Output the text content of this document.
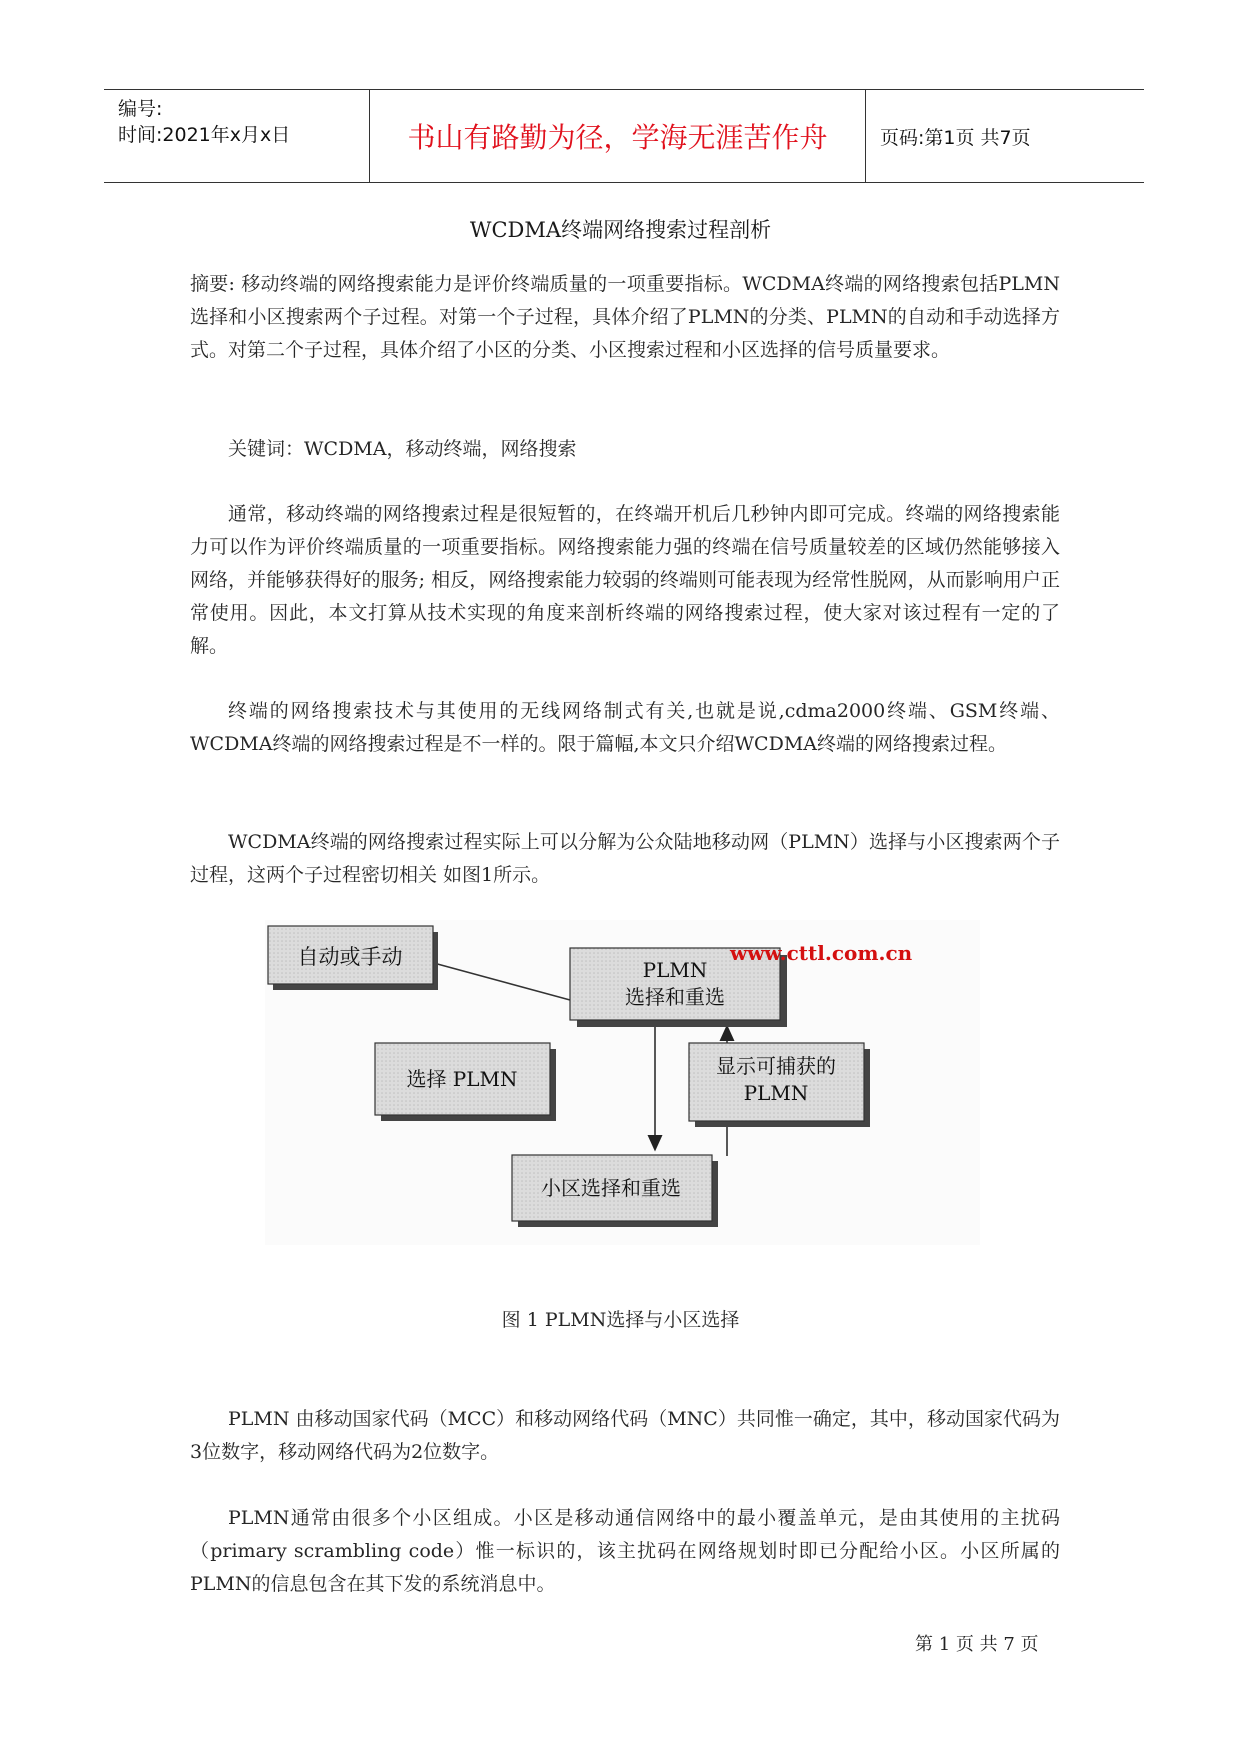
编号:
时间:2021年x月x日	书山有路勤为径，学海无涯苦作舟	页码:第1页 共7页
WCDMA终端网络搜索过程剖析
摘要: 移动终端的网络搜索能力是评价终端质量的一项重要指标。WCDMA终端的网络搜索包括PLMN选择和小区搜索两个子过程。对第一个子过程，具体介绍了PLMN的分类、PLMN的自动和手动选择方式。对第二个子过程，具体介绍了小区的分类、小区搜索过程和小区选择的信号质量要求。
关键词：WCDMA，移动终端，网络搜索
通常，移动终端的网络搜索过程是很短暂的，在终端开机后几秒钟内即可完成。终端的网络搜索能力可以作为评价终端质量的一项重要指标。网络搜索能力强的终端在信号质量较差的区域仍然能够接入网络，并能够获得好的服务; 相反，网络搜索能力较弱的终端则可能表现为经常性脱网，从而影响用户正常使用。因此，本文打算从技术实现的角度来剖析终端的网络搜索过程，使大家对该过程有一定的了解。
终端的网络搜索技术与其使用的无线网络制式有关,也就是说,cdma2000终端、GSM终端、WCDMA终端的网络搜索过程是不一样的。限于篇幅,本文只介绍WCDMA终端的网络搜索过程。
WCDMA终端的网络搜索过程实际上可以分解为公众陆地移动网（PLMN）选择与小区搜索两个子过程，这两个子过程密切相关 如图1所示。
自动或手动
PLMN
选择和重选
www.cttl.com.cn
选择 PLMN
显示可捕获的
PLMN
小区选择和重选
图 1 PLMN选择与小区选择
PLMN 由移动国家代码（MCC）和移动网络代码（MNC）共同惟一确定，其中，移动国家代码为3位数字，移动网络代码为2位数字。
PLMN通常由很多个小区组成。小区是移动通信网络中的最小覆盖单元，是由其使用的主扰码（primary scrambling code）惟一标识的，该主扰码在网络规划时即已分配给小区。小区所属的PLMN的信息包含在其下发的系统消息中。
第 1 页 共 7 页
